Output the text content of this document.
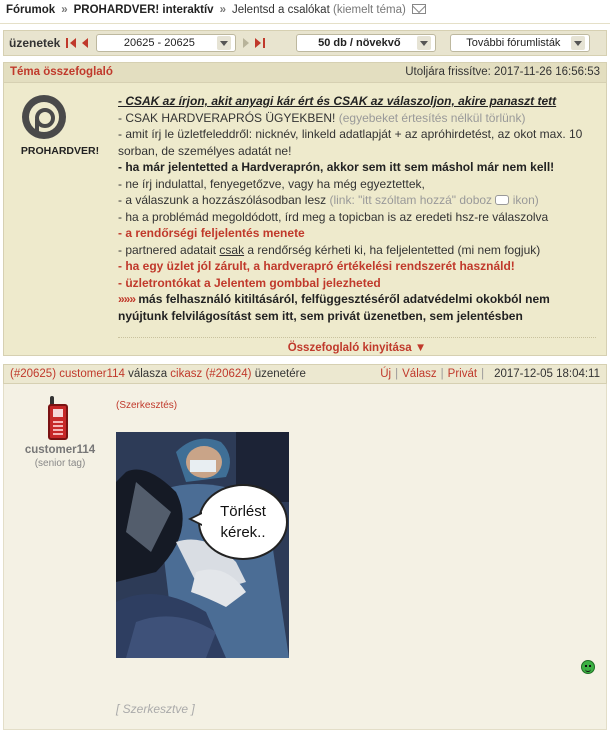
Fórumok » PROHARDVER! interaktív » Jelentsd a csalókat (kiemelt téma)
üzenetek	20625 - 20625	50 db / növekvő	További fórumlisták
Téma összefoglaló	Utoljára frissítve: 2017-11-26 16:56:53
PROHARDVER!
- CSAK az írjon, akit anyagi kár ért és CSAK az válaszoljon, akire panaszt tett
- CSAK HARDVERAPRÓS ÜGYEKBEN! (egyebeket értesítés nélkül törlünk)
- amit írj le üzletfeleddről: nicknév, linkeld adatlapját + az apróhirdetést, az okot max. 10 sorban, de személyes adatát ne!
- ha már jelentetted a Hardveraprón, akkor sem itt sem máshol már nem kell!
- ne írj indulattal, fenyegetőzve, vagy ha még egyeztettek,
- a válaszunk a hozzászólásodban lesz (link: "itt szóltam hozzá" doboz  ikon)
- ha a problémád megoldódott, írd meg a topicban is az eredeti hsz-re válaszolva
- a rendőrségi feljelentés menete
- partnered adatait csak a rendőrség kérheti ki, ha feljelentetted (mi nem fogjuk)
- ha egy üzlet jól zárult, a hardverapró értékelési rendszerét használd!
- üzletrontókat a Jelentem gombbal jelezheted
»»» más felhasználó kitiltásáról, felfüggesztéséről adatvédelmi okokból nem nyújtunk felvilágosítást sem itt, sem privát üzenetben, sem jelentésben
Összefoglaló kinyitása ▼
(#20625) customer114 válasza cikasz (#20624) üzenetére	Új | Válasz | Privát | 2017-12-05 18:04:11
customer114
(senior tag)
(Szerkesztés)
Törlést
kérek..
[ Szerkesztve ]
